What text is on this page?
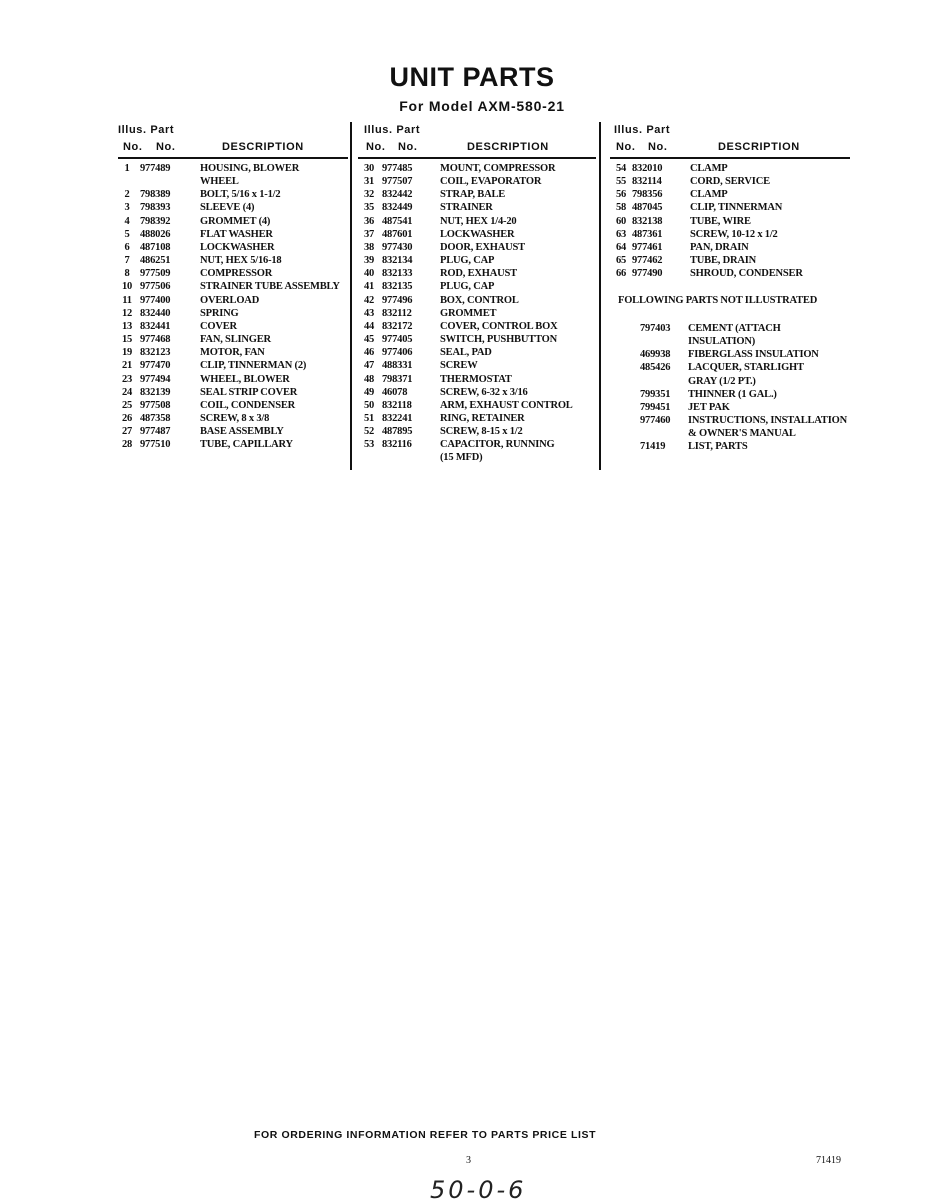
UNIT PARTS
For Model AXM-580-21
Illus. Part
No. No.	DESCRIPTION
1 977489	HOUSING, BLOWER
WHEEL
2 798389	BOLT, 5/16 x 1-1/2
3 798393	SLEEVE (4)
4 798392	GROMMET (4)
5 488026	FLAT WASHER
6 487108	LOCKWASHER
7 486251	NUT, HEX 5/16-18
8 977509	COMPRESSOR
10 977506	STRAINER TUBE ASSEMBLY
11 977400	OVERLOAD
12 832440	SPRING
13 832441	COVER
15 977468	FAN, SLINGER
19 832123	MOTOR, FAN
21 977470	CLIP, TINNERMAN (2)
23 977494	WHEEL, BLOWER
24 832139	SEAL STRIP COVER
25 977508	COIL, CONDENSER
26 487358	SCREW, 8 x 3/8
27 977487	BASE ASSEMBLY
28 977510	TUBE, CAPILLARY
Illus. Part
No. No.	DESCRIPTION
30 977485	MOUNT, COMPRESSOR
31 977507	COIL, EVAPORATOR
32 832442	STRAP, BALE
35 832449	STRAINER
36 487541	NUT, HEX 1/4-20
37 487601	LOCKWASHER
38 977430	DOOR, EXHAUST
39 832134	PLUG, CAP
40 832133	ROD, EXHAUST
41 832135	PLUG, CAP
42 977496	BOX, CONTROL
43 832112	GROMMET
44 832172	COVER, CONTROL BOX
45 977405	SWITCH, PUSHBUTTON
46 977406	SEAL, PAD
47 488331	SCREW
48 798371	THERMOSTAT
49 46078	SCREW, 6-32 x 3/16
50 832118	ARM, EXHAUST CONTROL
51 832241	RING, RETAINER
52 487895	SCREW, 8-15 x 1/2
53 832116	CAPACITOR, RUNNING
(15 MFD)
Illus. Part
No. No.	DESCRIPTION
54 832010	CLAMP
55 832114	CORD, SERVICE
56 798356	CLAMP
58 487045	CLIP, TINNERMAN
60 832138	TUBE, WIRE
63 487361	SCREW, 10-12 x 1/2
64 977461	PAN, DRAIN
65 977462	TUBE, DRAIN
66 977490	SHROUD, CONDENSER
FOLLOWING PARTS NOT ILLUSTRATED
797403 CEMENT (ATTACH
INSULATION)
469938 FIBERGLASS INSULATION
485426 LACQUER, STARLIGHT
GRAY (1/2 PT.)
799351 THINNER (1 GAL.)
799451 JET PAK
977460 INSTRUCTIONS, INSTALLATION
& OWNER'S MANUAL
71419 LIST, PARTS
FOR ORDERING INFORMATION REFER TO PARTS PRICE LIST
3	71419
50-0-6
